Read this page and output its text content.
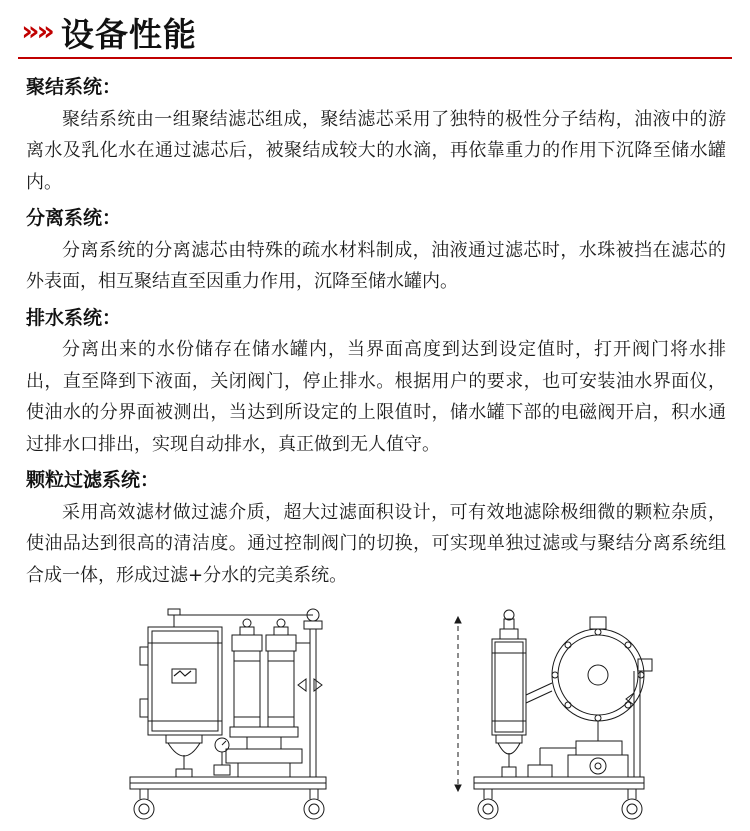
»» 设备性能
聚结系统：

聚结系统由一组聚结滤芯组成，聚结滤芯采用了独特的极性分子结构，油液中的游离水及乳化水在通过滤芯后，被聚结成较大的水滴，再依靠重力的作用下沉降至储水罐内。

分离系统：

分离系统的分离滤芯由特殊的疏水材料制成，油液通过滤芯时，水珠被挡在滤芯的外表面，相互聚结直至因重力作用，沉降至储水罐内。

排水系统：

分离出来的水份储存在储水罐内，当界面高度到达到设定值时，打开阀门将水排出，直至降到下液面，关闭阀门，停止排水。根据用户的要求，也可安装油水界面仪，使油水的分界面被测出，当达到所设定的上限值时，储水罐下部的电磁阀开启，积水通过排水口排出，实现自动排水，真正做到无人值守。

颗粒过滤系统：

采用高效滤材做过滤介质，超大过滤面积设计，可有效地滤除极细微的颗粒杂质，使油品达到很高的清洁度。通过控制阀门的切换，可实现单独过滤或与聚结分离系统组合成一体，形成过滤+分水的完美系统。
